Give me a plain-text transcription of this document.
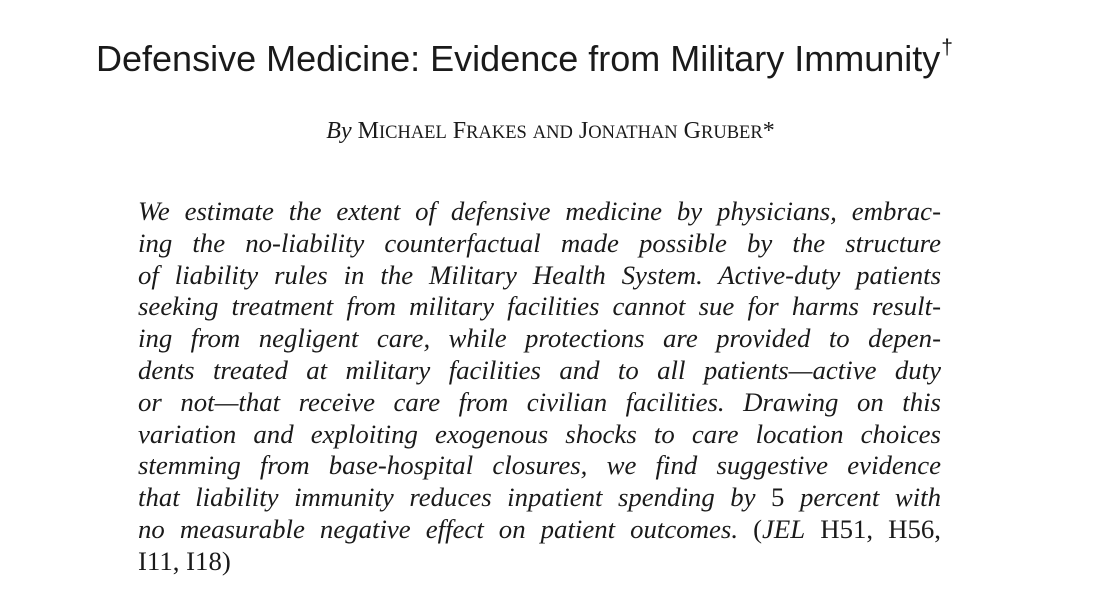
Defensive Medicine: Evidence from Military Immunity†
By MICHAEL FRAKES AND JONATHAN GRUBER*
We estimate the extent of defensive medicine by physicians, embrac-
ing the no-liability counterfactual made possible by the structure
of liability rules in the Military Health System. Active-duty patients
seeking treatment from military facilities cannot sue for harms result-
ing from negligent care, while protections are provided to depen-
dents treated at military facilities and to all patients—active duty
or not—that receive care from civilian facilities. Drawing on this
variation and exploiting exogenous shocks to care location choices
stemming from base-hospital closures, we find suggestive evidence
that liability immunity reduces inpatient spending by 5 percent with
no measurable negative effect on patient outcomes. (JEL H51, H56,
I11, I18)
